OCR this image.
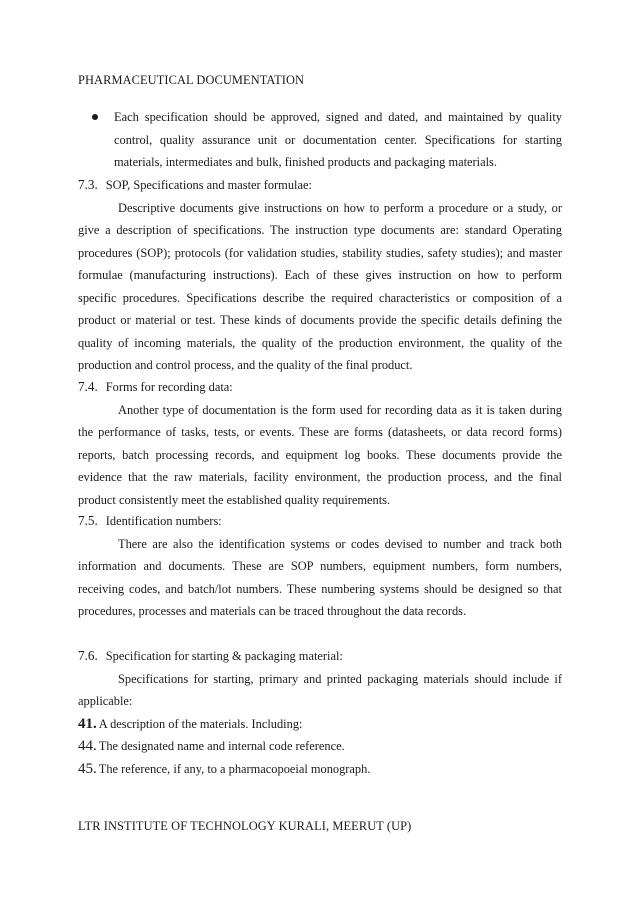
PHARMACEUTICAL DOCUMENTATION
Each specification should be approved, signed and dated, and maintained by quality control, quality assurance unit or documentation center. Specifications for starting materials, intermediates and bulk, finished products and packaging materials.
7.3. SOP, Specifications and master formulae:

Descriptive documents give instructions on how to perform a procedure or a study, or give a description of specifications. The instruction type documents are: standard Operating procedures (SOP); protocols (for validation studies, stability studies, safety studies); and master formulae (manufacturing instructions). Each of these gives instruction on how to perform specific procedures. Specifications describe the required characteristics or composition of a product or material or test. These kinds of documents provide the specific details defining the quality of incoming materials, the quality of the production environment, the quality of the production and control process, and the quality of the final product.

7.4. Forms for recording data:

Another type of documentation is the form used for recording data as it is taken during the performance of tasks, tests, or events. These are forms (datasheets, or data record forms) reports, batch processing records, and equipment log books. These documents provide the evidence that the raw materials, facility environment, the production process, and the final product consistently meet the established quality requirements.

7.5. Identification numbers:

There are also the identification systems or codes devised to number and track both information and documents. These are SOP numbers, equipment numbers, form numbers, receiving codes, and batch/lot numbers. These numbering systems should be designed so that procedures, processes and materials can be traced throughout the data records.

7.6. Specification for starting & packaging material:

Specifications for starting, primary and printed packaging materials should include if applicable:

41. A description of the materials. Including:
44. The designated name and internal code reference.
45. The reference, if any, to a pharmacopoeial monograph.
LTR INSTITUTE OF TECHNOLOGY KURALI, MEERUT (UP)
